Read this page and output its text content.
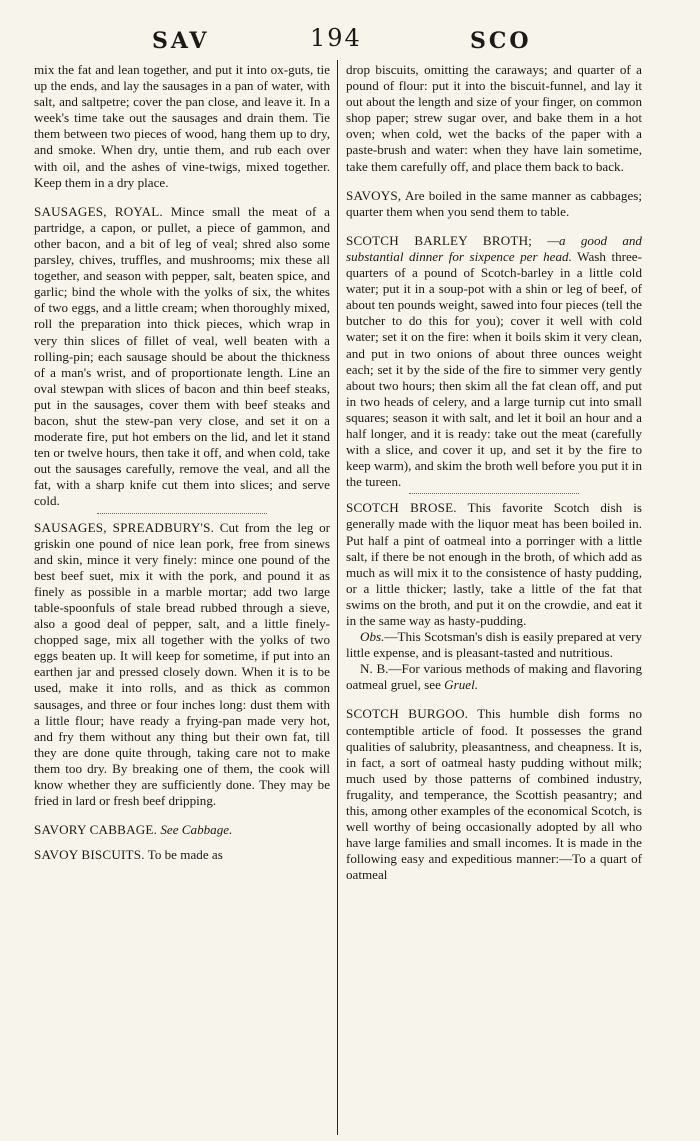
SAV	194	SCO

mix the fat and lean together, and put it into ox-guts, tie up the ends, and lay the sausages in a pan of water, with salt, and saltpetre; cover the pan close, and leave it. In a week's time take out the sausages and drain them. Tie them between two pieces of wood, hang them up to dry, and smoke. When dry, untie them, and rub each over with oil, and the ashes of vine-twigs, mixed together. Keep them in a dry place.

SAUSAGES, ROYAL. Mince small the meat of a partridge, a capon, or pullet, a piece of gammon, and other bacon, and a bit of leg of veal; shred also some parsley, chives, truffles, and mushrooms; mix these all together, and season with pepper, salt, beaten spice, and garlic; bind the whole with the yolks of six, the whites of two eggs, and a little cream; when thoroughly mixed, roll the preparation into thick pieces, which wrap in very thin slices of fillet of veal, well beaten with a rolling-pin; each sausage should be about the thickness of a man's wrist, and of proportionate length. Line an oval stewpan with slices of bacon and thin beef steaks, put in the sausages, cover them with beef steaks and bacon, shut the stew-pan very close, and set it on a moderate fire, put hot embers on the lid, and let it stand ten or twelve hours, then take it off, and when cold, take out the sausages carefully, remove the veal, and all the fat, with a sharp knife cut them into slices; and serve cold.

SAUSAGES, SPREADBURY'S. Cut from the leg or griskin one pound of nice lean pork, free from sinews and skin, mince it very finely: mince one pound of the best beef suet, mix it with the pork, and pound it as finely as possible in a marble mortar; add two large table-spoonfuls of stale bread rubbed through a sieve, also a good deal of pepper, salt, and a little finely-chopped sage, mix all together with the yolks of two eggs beaten up. It will keep for sometime, if put into an earthen jar and pressed closely down. When it is to be used, make it into rolls, and as thick as common sausages, and three or four inches long: dust them with a little flour; have ready a frying-pan made very hot, and fry them without any thing but their own fat, till they are done quite through, taking care not to make them too dry. By breaking one of them, the cook will know whether they are sufficiently done. They may be fried in lard or fresh beef dripping.

SAVORY CABBAGE. See Cabbage.

SAVOY BISCUITS. To be made as

drop biscuits, omitting the caraways; and quarter of a pound of flour: put it into the biscuit-funnel, and lay it out about the length and size of your finger, on common shop paper; strew sugar over, and bake them in a hot oven; when cold, wet the backs of the paper with a paste-brush and water: when they have lain sometime, take them carefully off, and place them back to back.

SAVOYS, Are boiled in the same manner as cabbages; quarter them when you send them to table.

SCOTCH BARLEY BROTH; —a good and substantial dinner for sixpence per head. Wash three-quarters of a pound of Scotch-barley in a little cold water; put it in a soup-pot with a shin or leg of beef, of about ten pounds weight, sawed into four pieces (tell the butcher to do this for you); cover it well with cold water; set it on the fire: when it boils skim it very clean, and put in two onions of about three ounces weight each; set it by the side of the fire to simmer very gently about two hours; then skim all the fat clean off, and put in two heads of celery, and a large turnip cut into small squares; season it with salt, and let it boil an hour and a half longer, and it is ready: take out the meat (carefully with a slice, and cover it up, and set it by the fire to keep warm), and skim the broth well before you put it in the tureen.

SCOTCH BROSE. This favorite Scotch dish is generally made with the liquor meat has been boiled in. Put half a pint of oatmeal into a porringer with a little salt, if there be not enough in the broth, of which add as much as will mix it to the consistence of hasty pudding, or a little thicker; lastly, take a little of the fat that swims on the broth, and put it on the crowdie, and eat it in the same way as hasty-pudding.

Obs.—This Scotsman's dish is easily prepared at very little expense, and is pleasant-tasted and nutritious.

N. B.—For various methods of making and flavoring oatmeal gruel, see Gruel.

SCOTCH BURGOO. This humble dish forms no contemptible article of food. It possesses the grand qualities of salubrity, pleasantness, and cheapness. It is, in fact, a sort of oatmeal hasty pudding without milk; much used by those patterns of combined industry, frugality, and temperance, the Scottish peasantry; and this, among other examples of the economical Scotch, is well worthy of being occasionally adopted by all who have large families and small incomes. It is made in the following easy and expeditious manner:—To a quart of oatmeal
